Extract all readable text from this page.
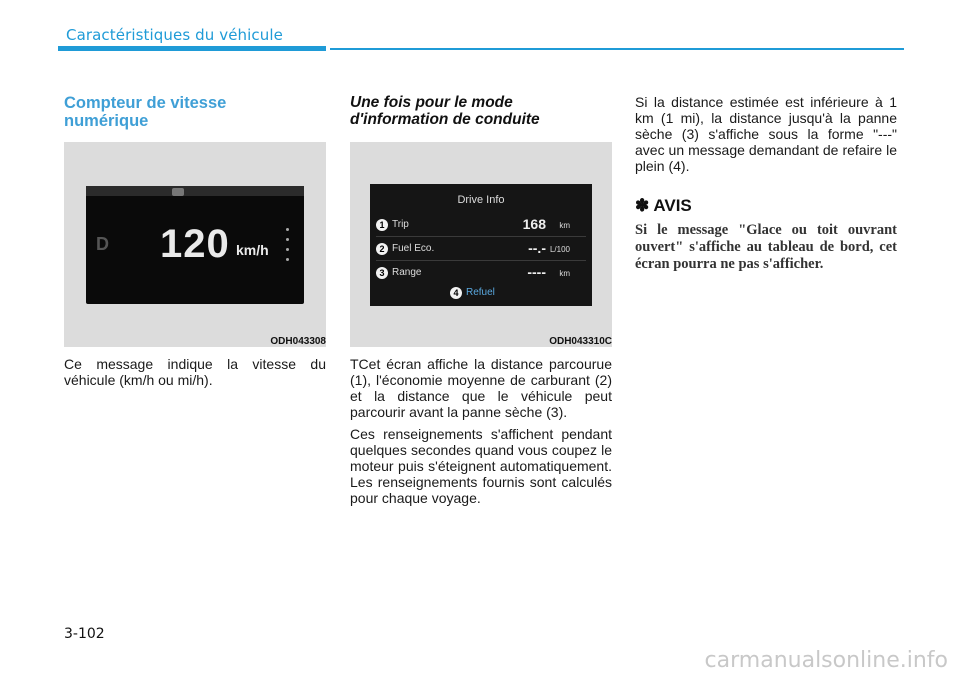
Caractéristiques du véhicule
Compteur de vitesse
numérique
D 120 km/h
ODH043308

Ce message indique la vitesse du véhicule (km/h ou mi/h).

Une fois pour le mode
d'information de conduite
Drive Info
1 Trip	168 km
2 Fuel Eco.	--.- L/100
3 Range	---- km
4 Refuel
ODH043310C

TCet écran affiche la distance parcourue (1), l'économie moyenne de carburant (2) et la distance que le véhicule peut parcourir avant la panne sèche (3).

Ces renseignements s'affichent pendant quelques secondes quand vous coupez le moteur puis s'éteignent automatiquement. Les renseignements fournis sont calculés pour chaque voyage.

Si la distance estimée est inférieure à 1 km (1 mi), la distance jusqu'à la panne sèche (3) s'affiche sous la forme "---" avec un message demandant de refaire le plein (4).

✽ AVIS

Si le message "Glace ou toit ouvrant ouvert" s'affiche au tableau de bord, cet écran pourra ne pas s'afficher.

3-102
carmanualsonline.info
